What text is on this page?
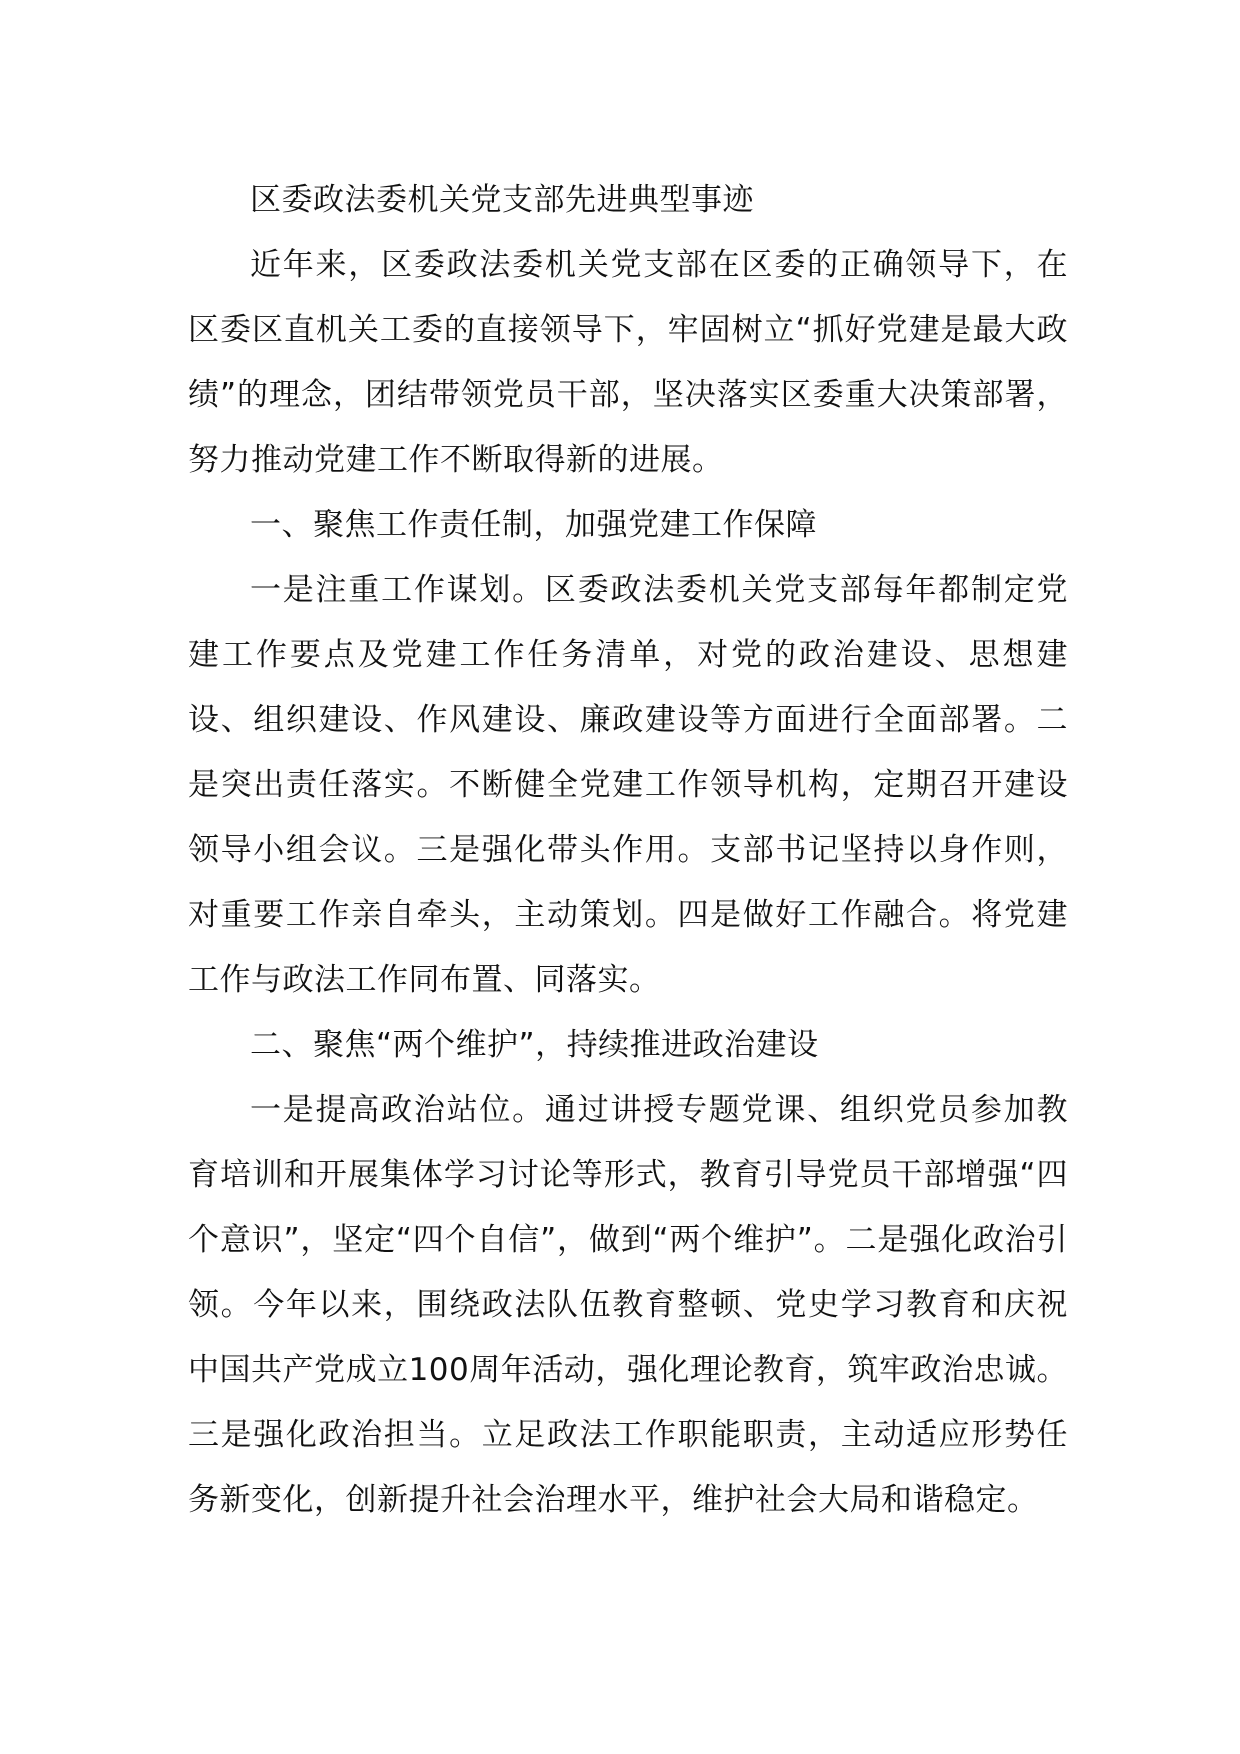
区委政法委机关党支部先进典型事迹

近年来，区委政法委机关党支部在区委的正确领导下，在区委区直机关工委的直接领导下，牢固树立“抓好党建是最大政绩”的理念，团结带领党员干部，坚决落实区委重大决策部署，努力推动党建工作不断取得新的进展。

一、聚焦工作责任制，加强党建工作保障

一是注重工作谋划。区委政法委机关党支部每年都制定党建工作要点及党建工作任务清单，对党的政治建设、思想建设、组织建设、作风建设、廉政建设等方面进行全面部署。二是突出责任落实。不断健全党建工作领导机构，定期召开建设领导小组会议。三是强化带头作用。支部书记坚持以身作则，对重要工作亲自牵头，主动策划。四是做好工作融合。将党建工作与政法工作同布置、同落实。

二、聚焦“两个维护”，持续推进政治建设

一是提高政治站位。通过讲授专题党课、组织党员参加教育培训和开展集体学习讨论等形式，教育引导党员干部增强“四个意识”，坚定“四个自信”，做到“两个维护”。二是强化政治引领。今年以来，围绕政法队伍教育整顿、党史学习教育和庆祝中国共产党成立100周年活动，强化理论教育，筑牢政治忠诚。三是强化政治担当。立足政法工作职能职责，主动适应形势任务新变化，创新提升社会治理水平，维护社会大局和谐稳定。
